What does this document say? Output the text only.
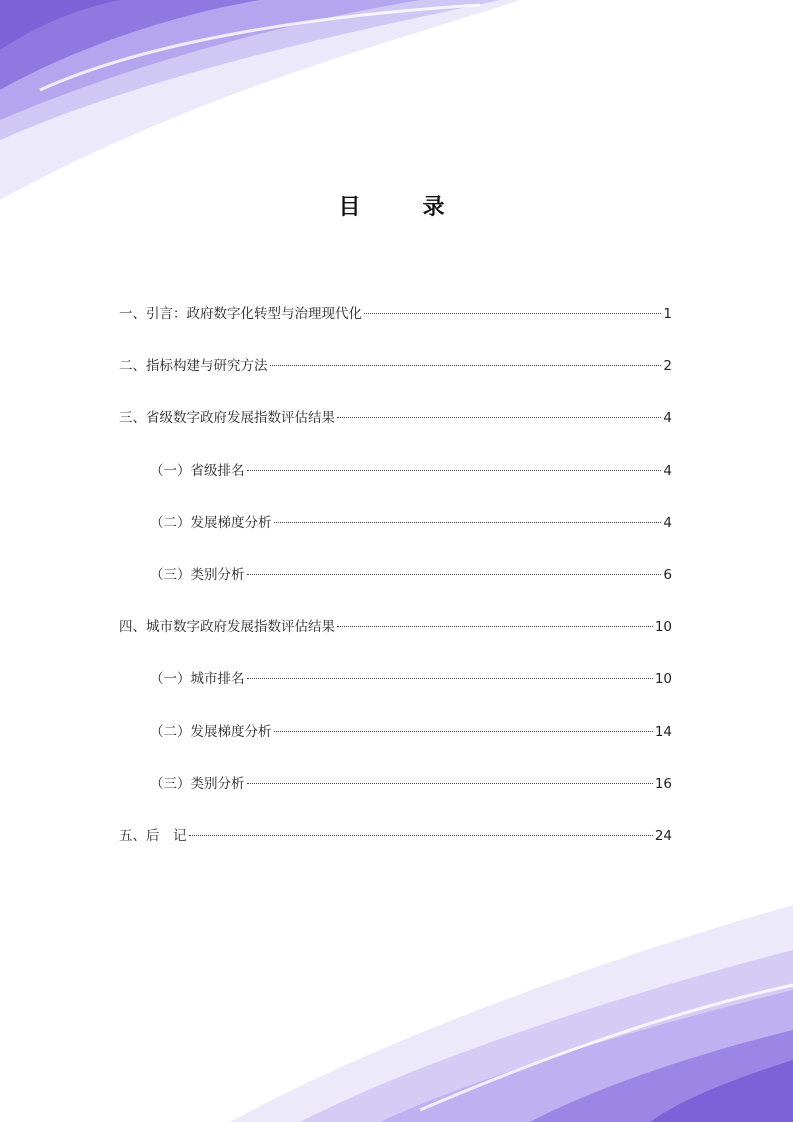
目　录
一、引言：政府数字化转型与治理现代化	1
二、指标构建与研究方法	2
三、省级数字政府发展指数评估结果	4
（一）省级排名	4
（二）发展梯度分析	4
（三）类别分析	6
四、城市数字政府发展指数评估结果	10
（一）城市排名	10
（二）发展梯度分析	14
（三）类别分析	16
五、后　记	24
